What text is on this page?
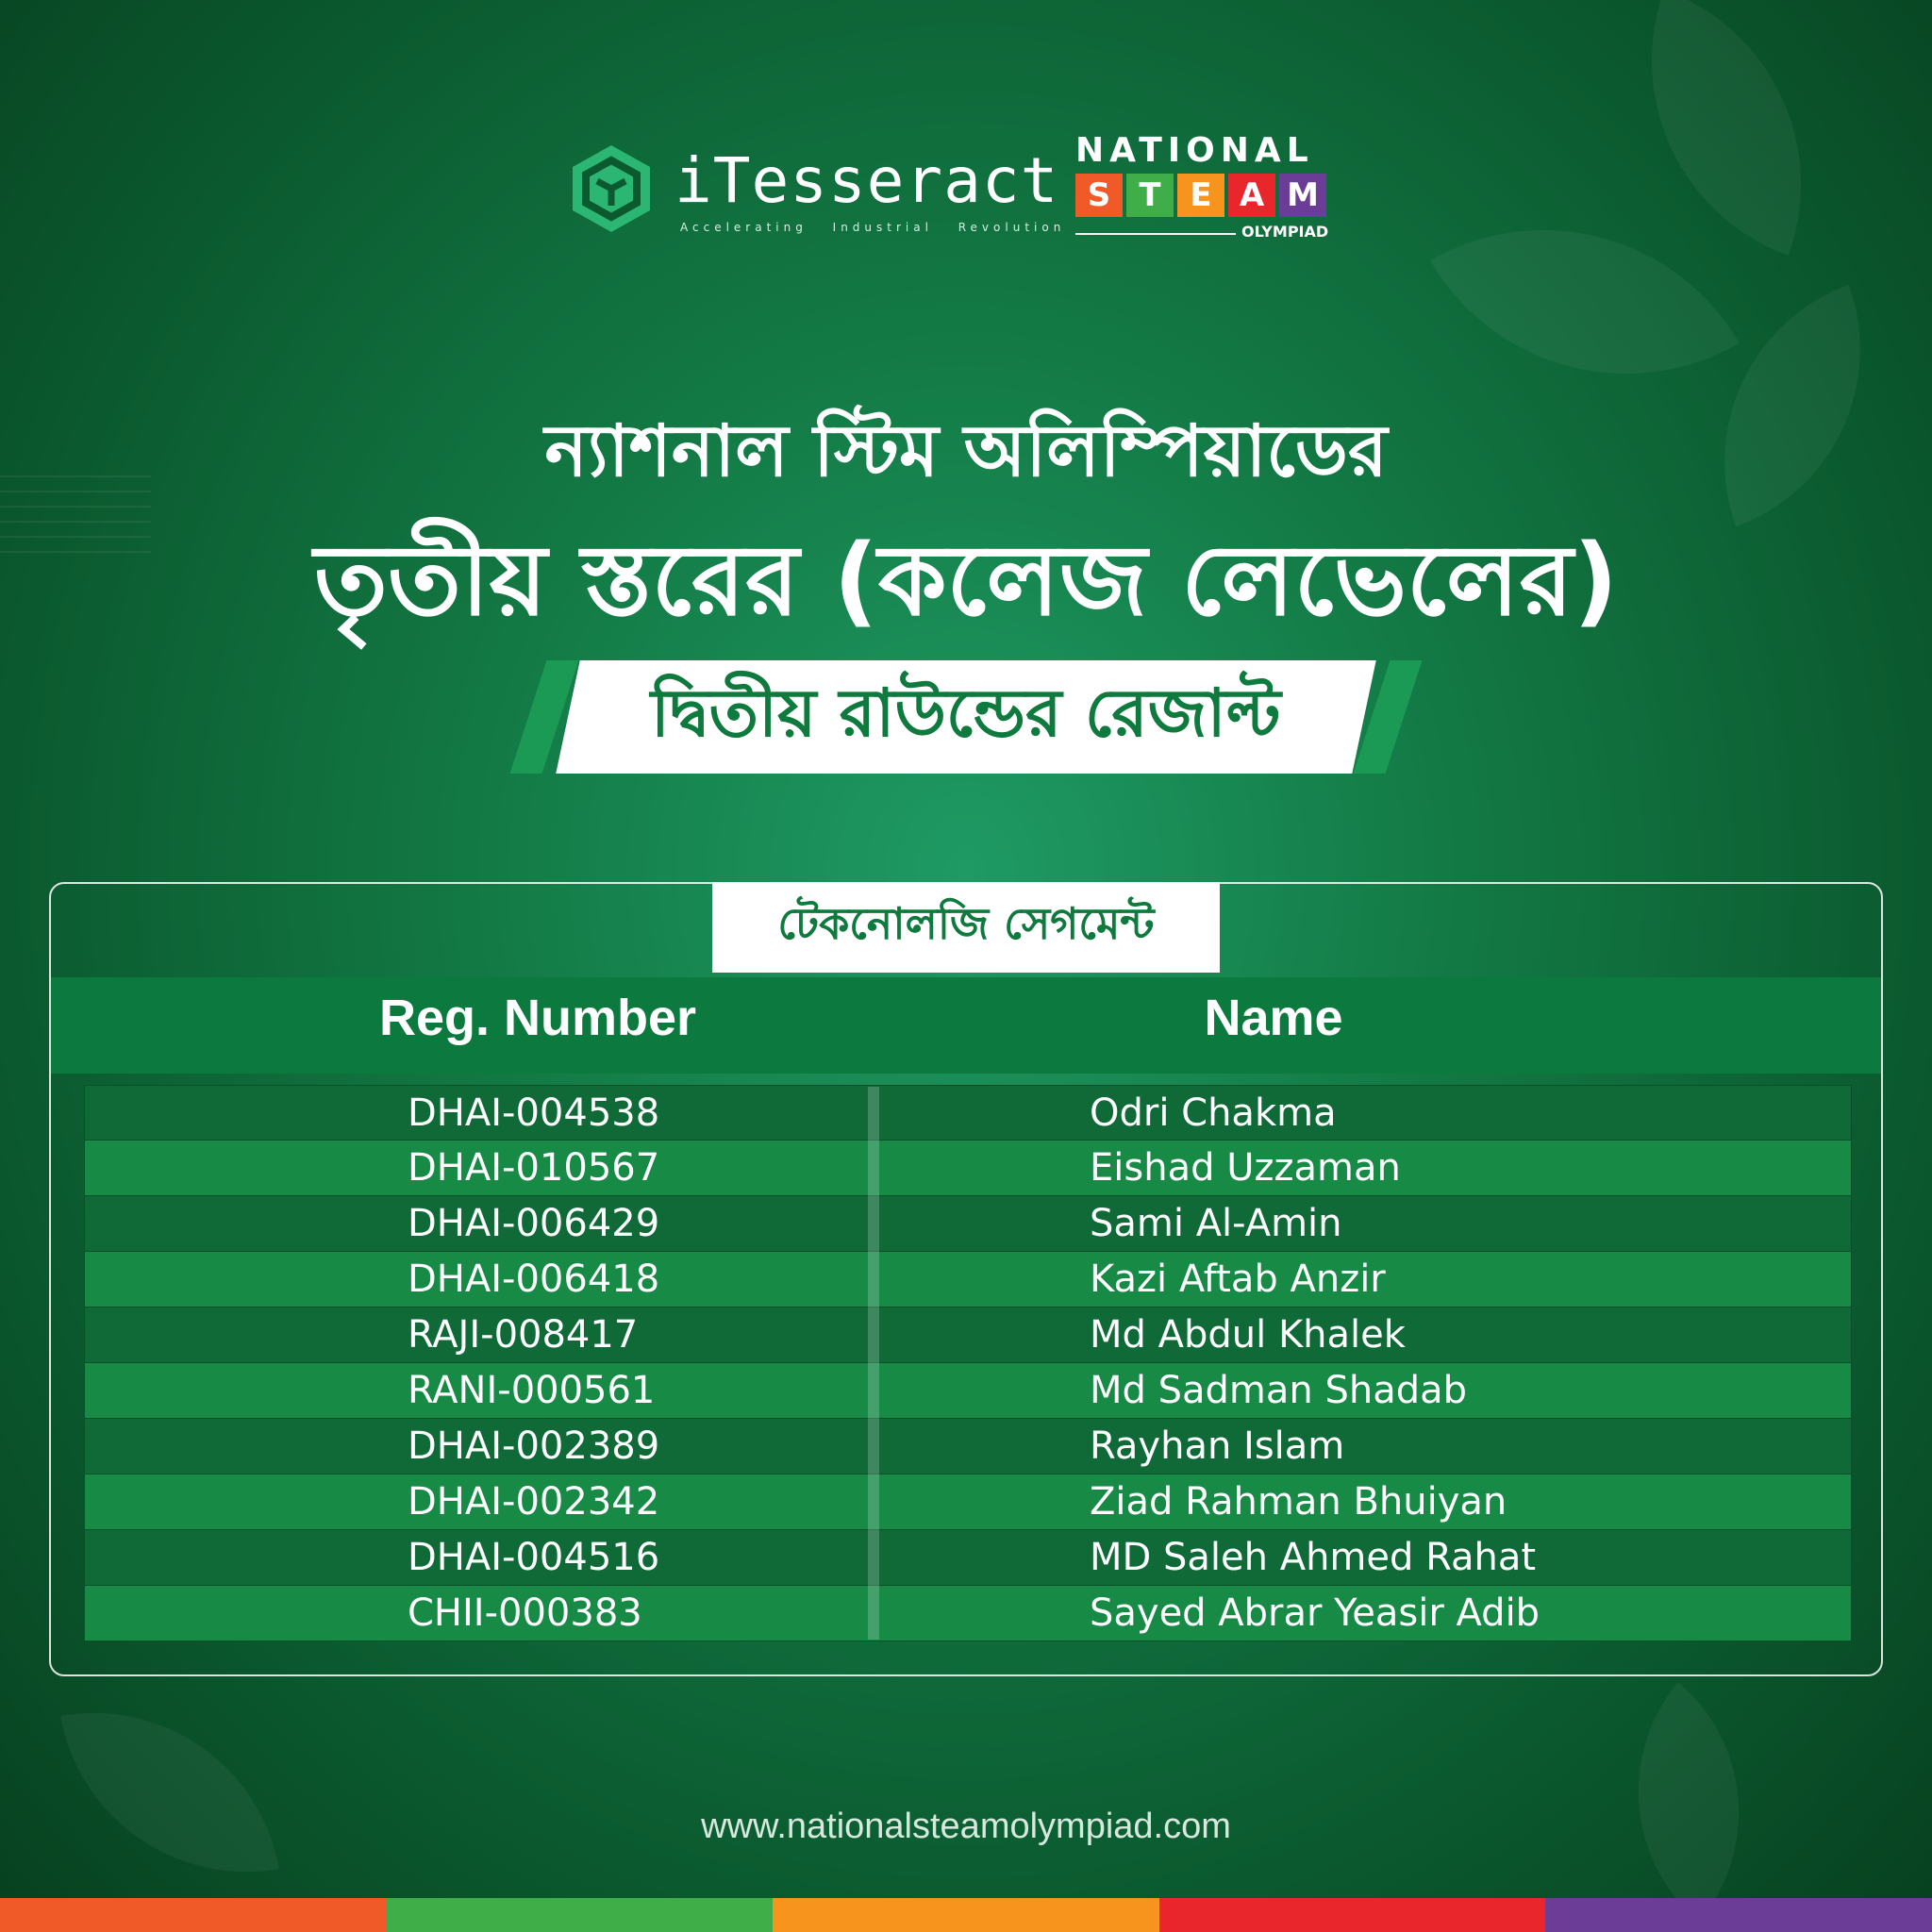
iTesseract
Accelerating Industrial Revolution
NATIONAL
S T E A M
OLYMPIAD
ন্যাশনাল স্টিম অলিম্পিয়াডের
তৃতীয় স্তরের (কলেজ লেভেলের)
দ্বিতীয় রাউন্ডের রেজাল্ট
টেকনোলজি সেগমেন্ট
Reg. Number	Name
DHAI-004538	Odri Chakma
DHAI-010567	Eishad Uzzaman
DHAI-006429	Sami Al-Amin
DHAI-006418	Kazi Aftab Anzir
RAJI-008417	Md Abdul Khalek
RANI-000561	Md Sadman Shadab
DHAI-002389	Rayhan Islam
DHAI-002342	Ziad Rahman Bhuiyan
DHAI-004516	MD Saleh Ahmed Rahat
CHII-000383	Sayed Abrar Yeasir Adib
www.nationalsteamolympiad.com
